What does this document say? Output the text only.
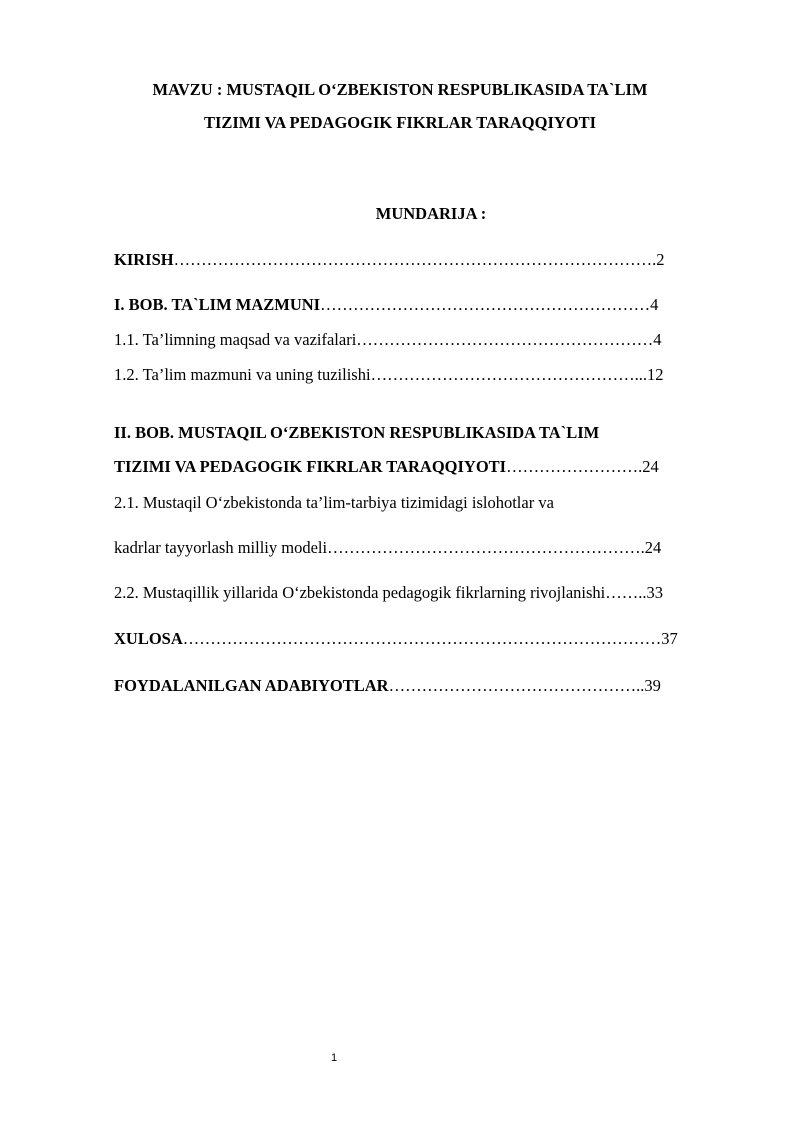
MAVZU : MUSTAQIL O‘ZBEKISTON RESPUBLIKASIDA TA`LIM
TIZIMI VA PEDAGOGIK FIKRLAR TARAQQIYOTI
MUNDARIJA :
KIRISH…………………………………………………………………………….2
I. BOB. TA`LIM MAZMUNI……………………………………………………4
1.1. Ta’limning maqsad va vazifalari………………………………………………4
1.2. Ta’lim mazmuni va uning tuzilishi…………………………………………...12
II. BOB. MUSTAQIL O‘ZBEKISTON RESPUBLIKASIDA TA`LIM
TIZIMI VA PEDAGOGIK FIKRLAR TARAQQIYOTI…………………….24
2.1. Mustaqil O‘zbekistonda ta’lim-tarbiya tizimidagi islohotlar va
kadrlar tayyorlash milliy modeli………………………………………………….24
2.2. Mustaqillik yillarida O‘zbekistonda pedagogik fikrlarning rivojlanishi……..33
XULOSA……………………………………………………………………………37
FOYDALANILGAN ADABIYOTLAR………………………………………..39
1
